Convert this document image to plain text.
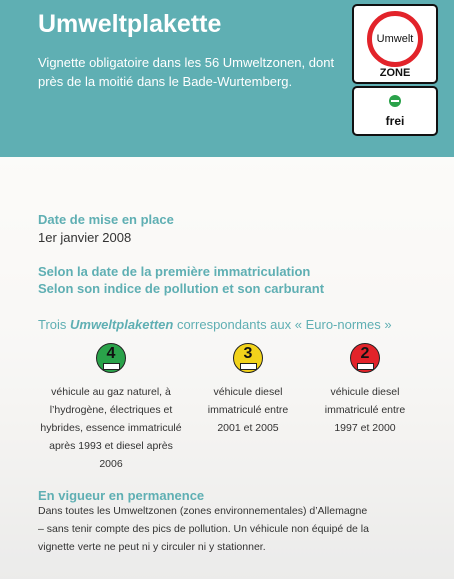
Umweltplakette
Vignette obligatoire dans les 56 Umweltzonen, dont près de la moitié dans le Bade-Wurtemberg.
Umwelt
ZONE
frei
Date de mise en place
1er janvier 2008
Selon la date de la première immatriculation
Selon son indice de pollution et son carburant
Trois Umweltplaketten correspondants aux « Euro-normes »
4
véhicule au gaz naturel, à
l’hydrogène, électriques et
hybrides, essence immatriculé
après 1993 et diesel après
2006
3
véhicule diesel
immatriculé entre
2001 et 2005
2
véhicule diesel
immatriculé entre
1997 et 2000
En vigueur en permanence
Dans toutes les Umweltzonen (zones environnementales) d’Allemagne
– sans tenir compte des pics de pollution. Un véhicule non équipé de la
vignette verte ne peut ni y circuler ni y stationner.
